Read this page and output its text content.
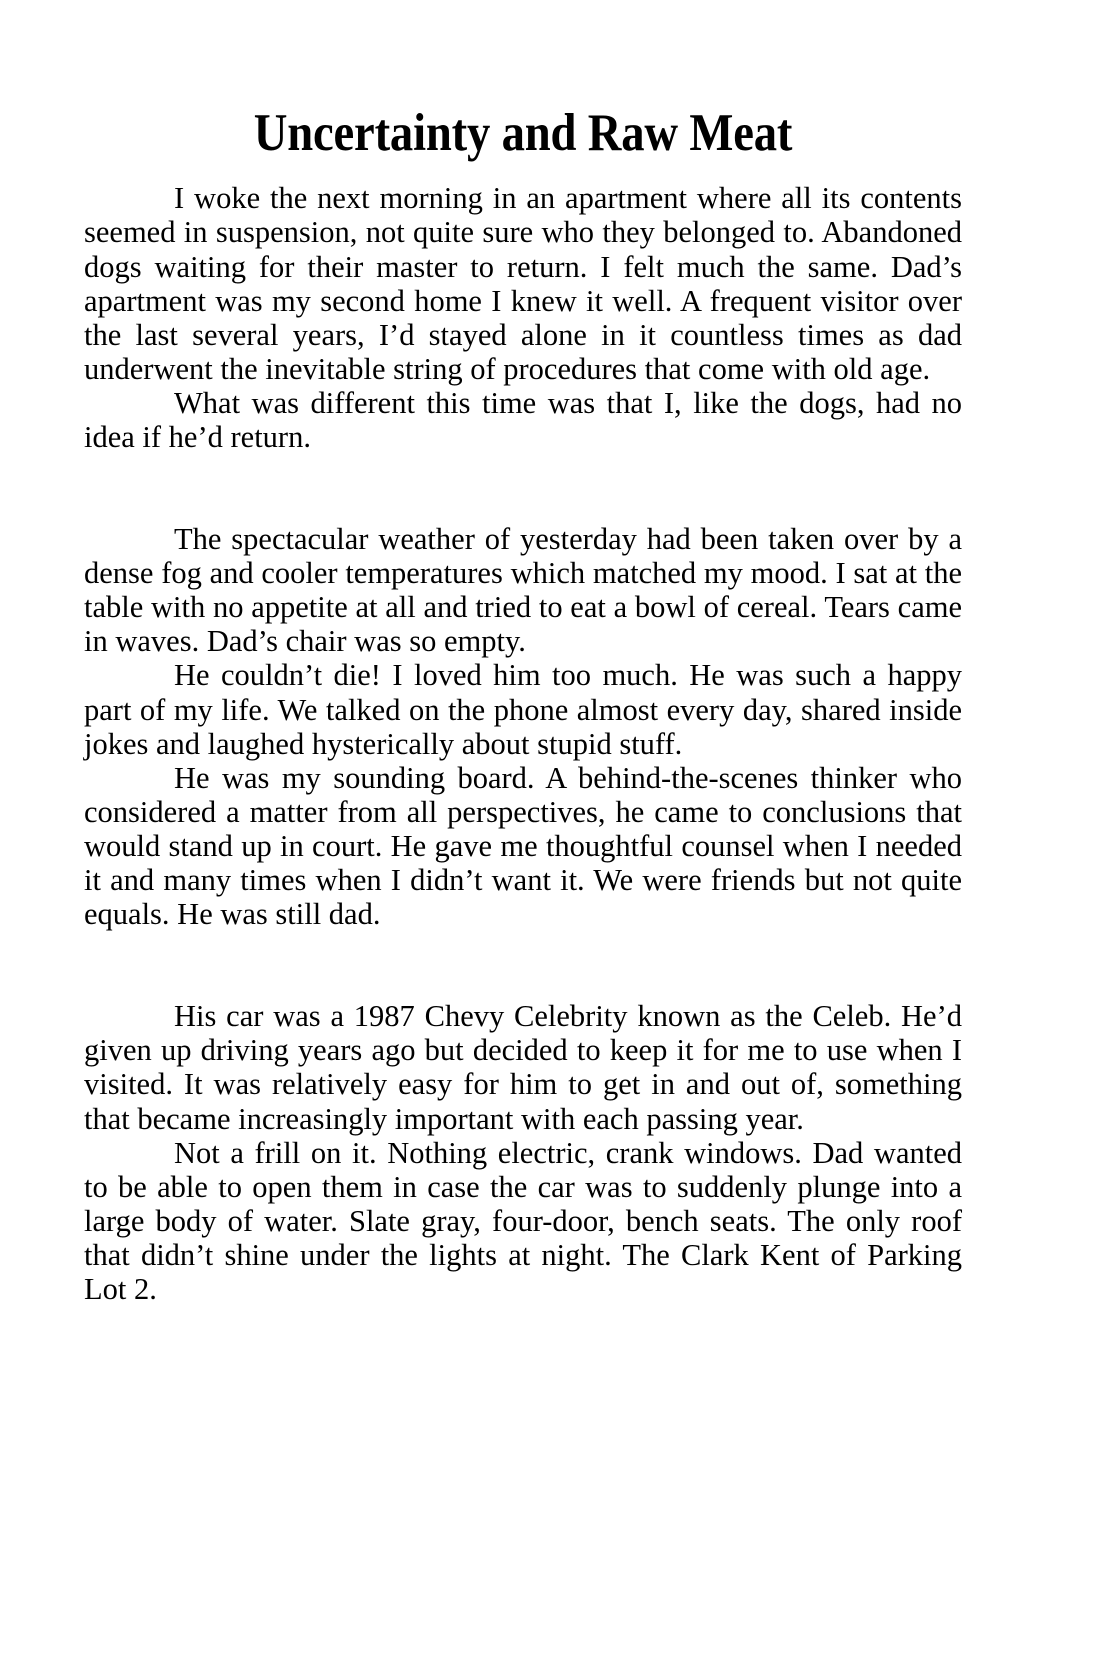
Uncertainty and Raw Meat

I woke the next morning in an apartment where all its contents seemed in suspension, not quite sure who they belonged to. Abandoned dogs waiting for their master to return. I felt much the same. Dad’s apartment was my second home I knew it well. A frequent visitor over the last several years, I’d stayed alone in it countless times as dad underwent the inevitable string of procedures that come with old age.

What was different this time was that I, like the dogs, had no idea if he’d return.

The spectacular weather of yesterday had been taken over by a dense fog and cooler temperatures which matched my mood. I sat at the table with no appetite at all and tried to eat a bowl of cereal. Tears came in waves. Dad’s chair was so empty.

He couldn’t die! I loved him too much. He was such a happy part of my life. We talked on the phone almost every day, shared inside jokes and laughed hysterically about stupid stuff.

He was my sounding board. A behind-the-scenes thinker who considered a matter from all perspectives, he came to conclusions that would stand up in court. He gave me thoughtful counsel when I needed it and many times when I didn’t want it. We were friends but not quite equals. He was still dad.

His car was a 1987 Chevy Celebrity known as the Celeb. He’d given up driving years ago but decided to keep it for me to use when I visited. It was relatively easy for him to get in and out of, something that became increasingly important with each passing year.

Not a frill on it. Nothing electric, crank windows. Dad wanted to be able to open them in case the car was to suddenly plunge into a large body of water. Slate gray, four-door, bench seats. The only roof that didn’t shine under the lights at night. The Clark Kent of Parking Lot 2.
